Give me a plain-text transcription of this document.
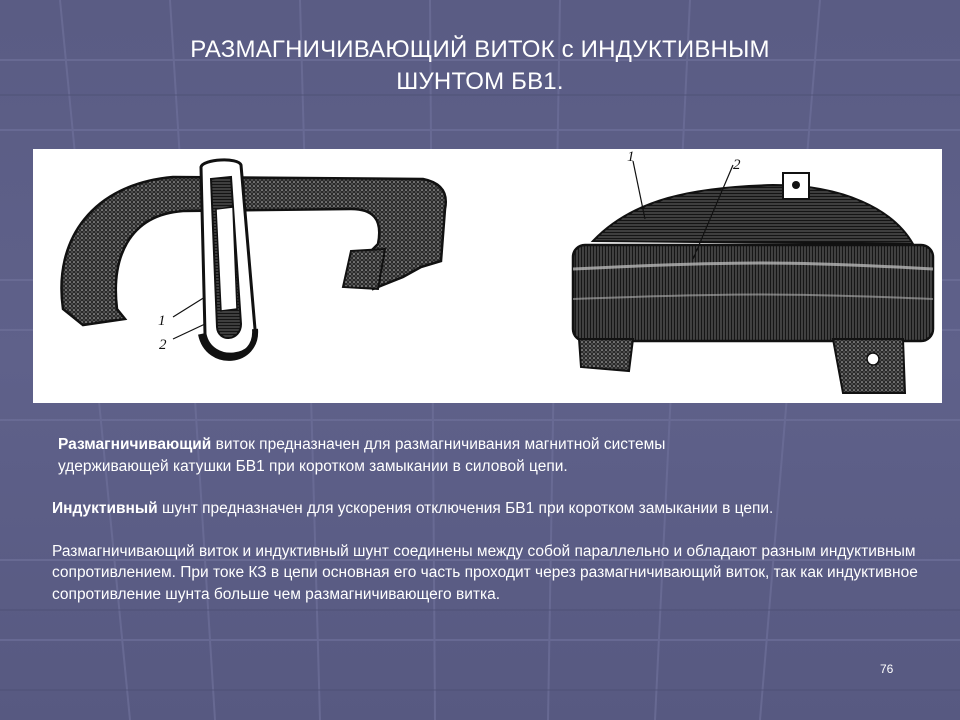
РАЗМАГНИЧИВАЮЩИЙ ВИТОК с ИНДУКТИВНЫМ
ШУНТОМ БВ1.
1
2
1	2

Размагничивающий виток предназначен для размагничивания магнитной системы
удерживающей катушки БВ1 при коротком замыкании в силовой цепи.

Индуктивный шунт предназначен для ускорения отключения БВ1 при коротком замыкании в цепи.

Размагничивающий виток и индуктивный шунт соединены между собой параллельно и обладают разным индуктивным сопротивлением. При токе КЗ в цепи основная его часть проходит через размагничивающий виток, так как индуктивное сопротивление шунта больше чем размагничивающего витка.

76
